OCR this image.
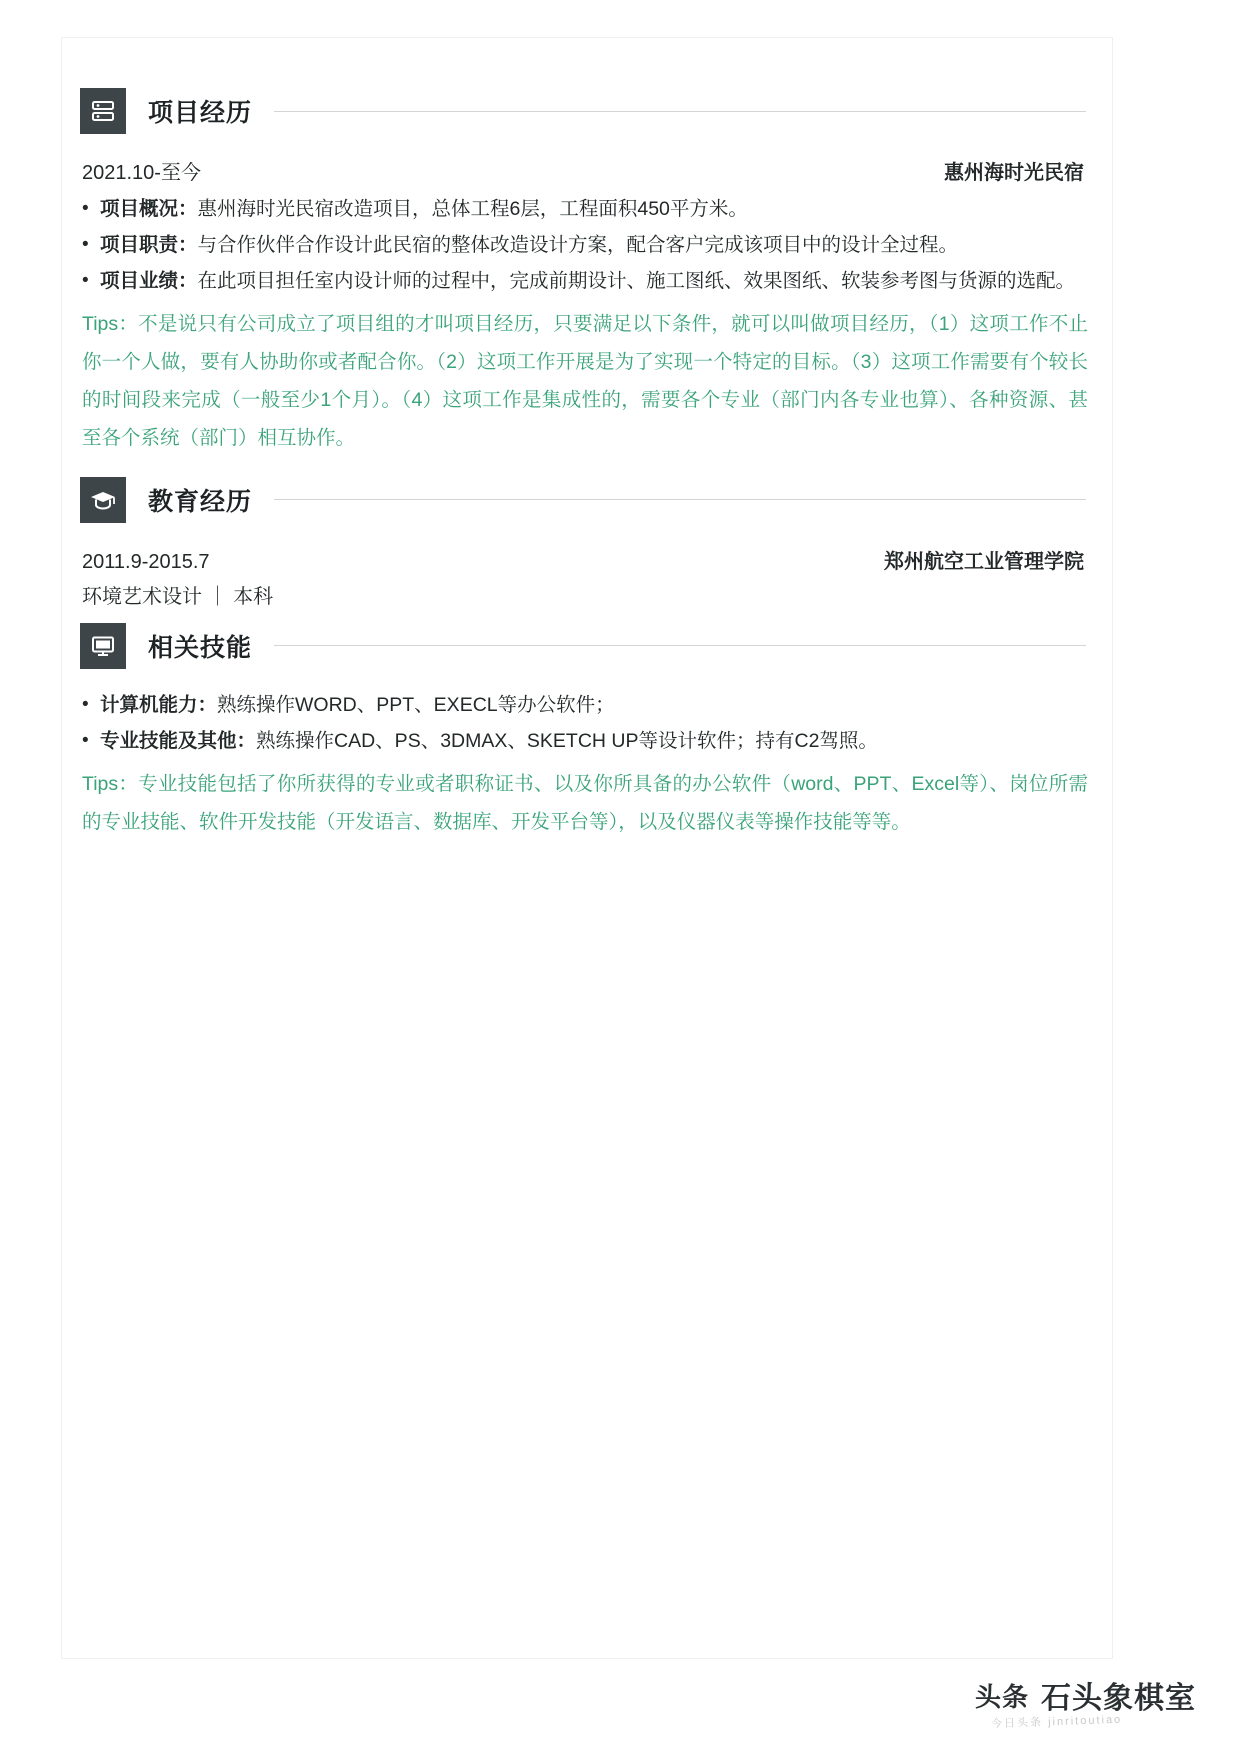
项目经历
2021.10-至今	惠州海时光民宿
• 项目概况：惠州海时光民宿改造项目，总体工程6层，工程面积450平方米。
• 项目职责：与合作伙伴合作设计此民宿的整体改造设计方案，配合客户完成该项目中的设计全过程。
• 项目业绩：在此项目担任室内设计师的过程中，完成前期设计、施工图纸、效果图纸、软装参考图与货源的选配。

Tips：不是说只有公司成立了项目组的才叫项目经历，只要满足以下条件，就可以叫做项目经历，（1）这项工作不止你一个人做，要有人协助你或者配合你。（2）这项工作开展是为了实现一个特定的目标。（3）这项工作需要有个较长的时间段来完成（一般至少1个月）。（4）这项工作是集成性的，需要各个专业（部门内各专业也算）、各种资源、甚至各个系统（部门）相互协作。

教育经历
2011.9-2015.7	郑州航空工业管理学院
环境艺术设计 ｜ 本科
相关技能
• 计算机能力：熟练操作WORD、PPT、EXECL等办公软件；
• 专业技能及其他：熟练操作CAD、PS、3DMAX、SKETCH UP等设计软件；持有C2驾照。

Tips：专业技能包括了你所获得的专业或者职称证书、以及你所具备的办公软件（word、PPT、Excel等）、岗位所需的专业技能、软件开发技能（开发语言、数据库、开发平台等），以及仪器仪表等操作技能等等。

今日头条 jinritoutiao
头条 石头象棋室
